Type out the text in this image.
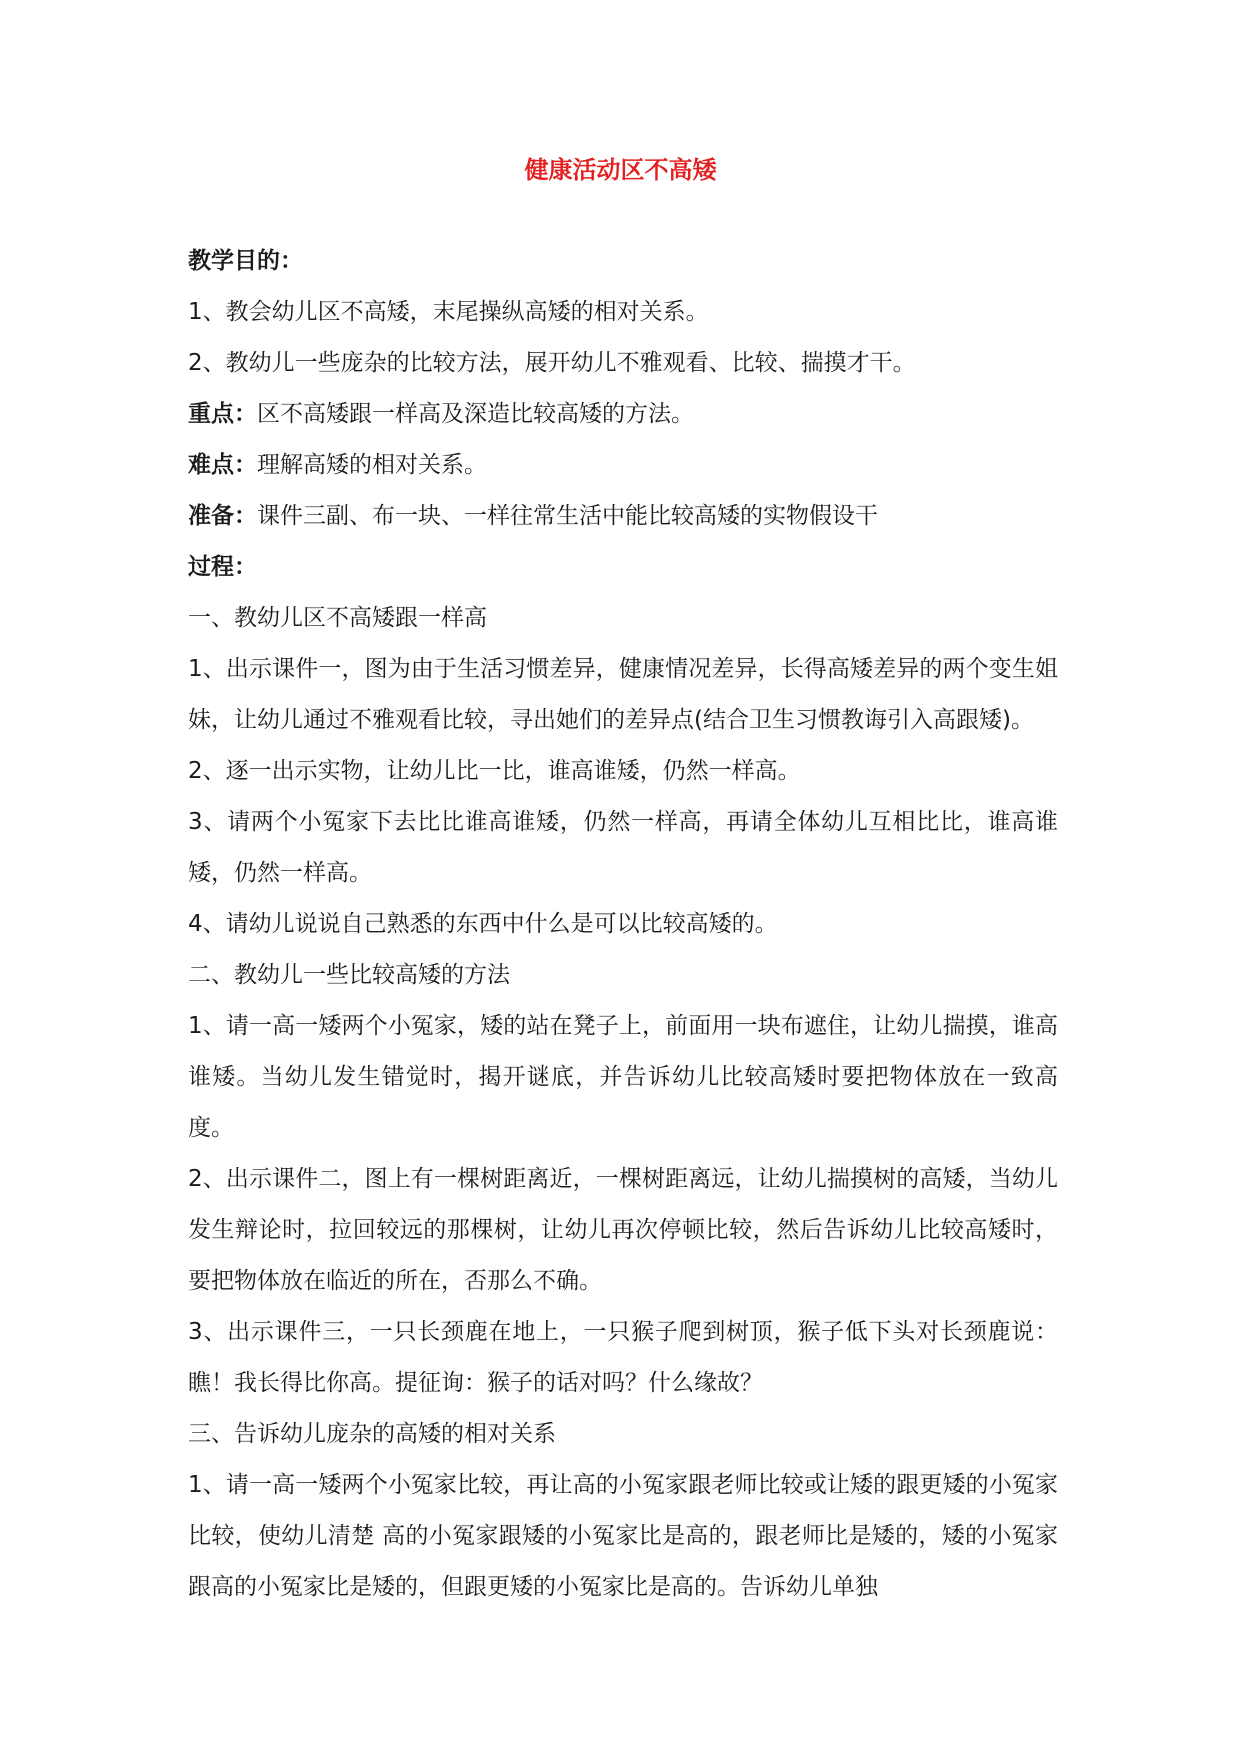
健康活动区不高矮

教学目的：

1、教会幼儿区不高矮，末尾操纵高矮的相对关系。

2、教幼儿一些庞杂的比较方法，展开幼儿不雅观看、比较、揣摸才干。

重点：区不高矮跟一样高及深造比较高矮的方法。

难点：理解高矮的相对关系。

准备：课件三副、布一块、一样往常生活中能比较高矮的实物假设干

过程：

一、教幼儿区不高矮跟一样高

1、出示课件一，图为由于生活习惯差异，健康情况差异，长得高矮差异的两个变生姐妹，让幼儿通过不雅观看比较，寻出她们的差异点(结合卫生习惯教诲引入高跟矮)。

2、逐一出示实物，让幼儿比一比，谁高谁矮，仍然一样高。

3、请两个小冤家下去比比谁高谁矮，仍然一样高，再请全体幼儿互相比比，谁高谁矮，仍然一样高。

4、请幼儿说说自己熟悉的东西中什么是可以比较高矮的。

二、教幼儿一些比较高矮的方法

1、请一高一矮两个小冤家，矮的站在凳子上，前面用一块布遮住，让幼儿揣摸，谁高谁矮。当幼儿发生错觉时，揭开谜底，并告诉幼儿比较高矮时要把物体放在一致高度。

2、出示课件二，图上有一棵树距离近，一棵树距离远，让幼儿揣摸树的高矮，当幼儿发生辩论时，拉回较远的那棵树，让幼儿再次停顿比较，然后告诉幼儿比较高矮时，要把物体放在临近的所在，否那么不确。

3、出示课件三，一只长颈鹿在地上，一只猴子爬到树顶，猴子低下头对长颈鹿说：瞧！我长得比你高。提征询：猴子的话对吗？什么缘故？

三、告诉幼儿庞杂的高矮的相对关系

1、请一高一矮两个小冤家比较，再让高的小冤家跟老师比较或让矮的跟更矮的小冤家比较，使幼儿清楚 高的小冤家跟矮的小冤家比是高的，跟老师比是矮的，矮的小冤家跟高的小冤家比是矮的，但跟更矮的小冤家比是高的。告诉幼儿单独
